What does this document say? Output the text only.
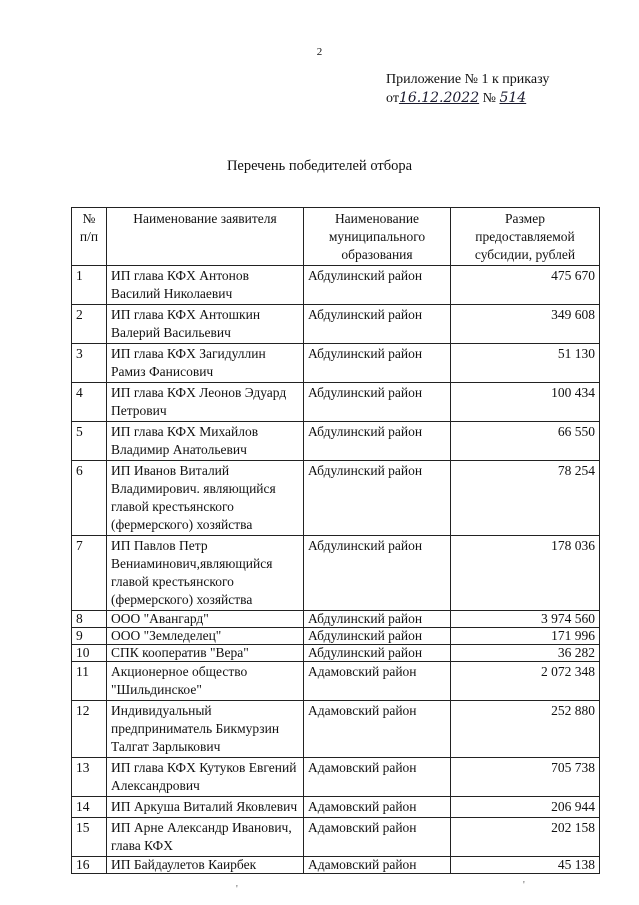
2
Приложение № 1 к приказу
от16.12.2022 № 514
Перечень победителей отбора
№ п/п	Наименование заявителя	Наименование муниципального образования	Размер предоставляемой субсидии, рублей
1	ИП глава КФХ Антонов Василий Николаевич	Абдулинский район	475 670
2	ИП глава КФХ Антошкин Валерий Васильевич	Абдулинский район	349 608
3	ИП глава КФХ Загидуллин Рамиз Фанисович	Абдулинский район	51 130
4	ИП глава КФХ Леонов Эдуард Петрович	Абдулинский район	100 434
5	ИП глава КФХ Михайлов Владимир Анатольевич	Абдулинский район	66 550
6	ИП Иванов Виталий Владимирович. являющийся главой крестьянского (фермерского) хозяйства	Абдулинский район	78 254
7	ИП Павлов Петр Вениаминович,являющийся главой крестьянского (фермерского) хозяйства	Абдулинский район	178 036
8	ООО "Авангард"	Абдулинский район	3 974 560
9	ООО "Земледелец"	Абдулинский район	171 996
10	СПК кооператив "Вера"	Абдулинский район	36 282
11	Акционерное общество "Шильдинское"	Адамовский район	2 072 348
12	Индивидуальный предприниматель Бикмурзин Талгат Зарлыкович	Адамовский район	252 880
13	ИП глава КФХ Кутуков Евгений Александрович	Адамовский район	705 738
14	ИП Аркуша Виталий Яковлевич	Адамовский район	206 944
15	ИП Арне Александр Иванович, глава КФХ	Адамовский район	202 158
16	ИП Байдаулетов Каирбек	Адамовский район	45 138
'	'
